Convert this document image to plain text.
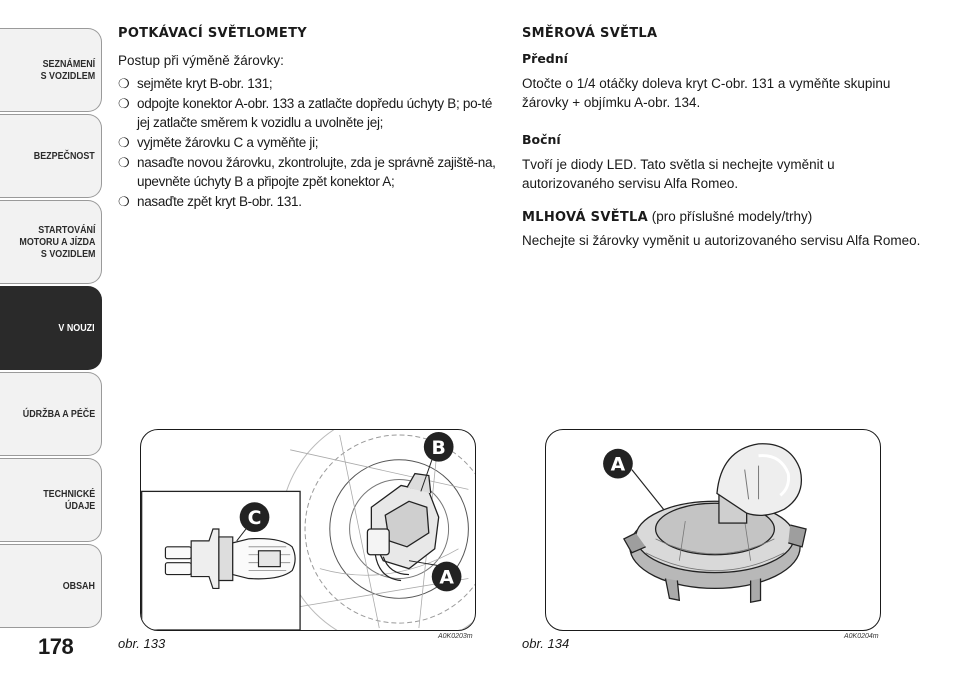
SEZNÁMENÍ
S VOZIDLEM
BEZPEČNOST
STARTOVÁNÍ
MOTORU A JÍZDA
S VOZIDLEM
V NOUZI
ÚDRŽBA A PÉČE
TECHNICKÉ
ÚDAJE
OBSAH
178
POTKÁVACÍ SVĚTLOMETY

Postup při výměně žárovky:

❍ sejměte kryt B-obr. 131;
❍ odpojte konektor A-obr. 133 a zatlačte dopředu úchyty B; po-té jej zatlačte směrem k vozidlu a uvolněte jej;
❍ vyjměte žárovku C a vyměňte ji;
❍ nasaďte novou žárovku, zkontrolujte, zda je správně zajiště-na, upevněte úchyty B a připojte zpět konektor A;
❍ nasaďte zpět kryt B-obr. 131.
SMĚROVÁ SVĚTLA
Přední

Otočte o 1/4 otáčky doleva kryt C-obr. 131 a vyměňte skupinu žárovky + objímku A-obr. 134.

Boční

Tvoří je diody LED. Tato světla si nechejte vyměnit u autorizovaného servisu Alfa Romeo.

MLHOVÁ SVĚTLA (pro příslušné modely/trhy)

Nechejte si žárovky vyměnit u autorizovaného servisu Alfa Romeo.

B
C
A
obr. 133	A0K0203m
A
obr. 134	A0K0204m
